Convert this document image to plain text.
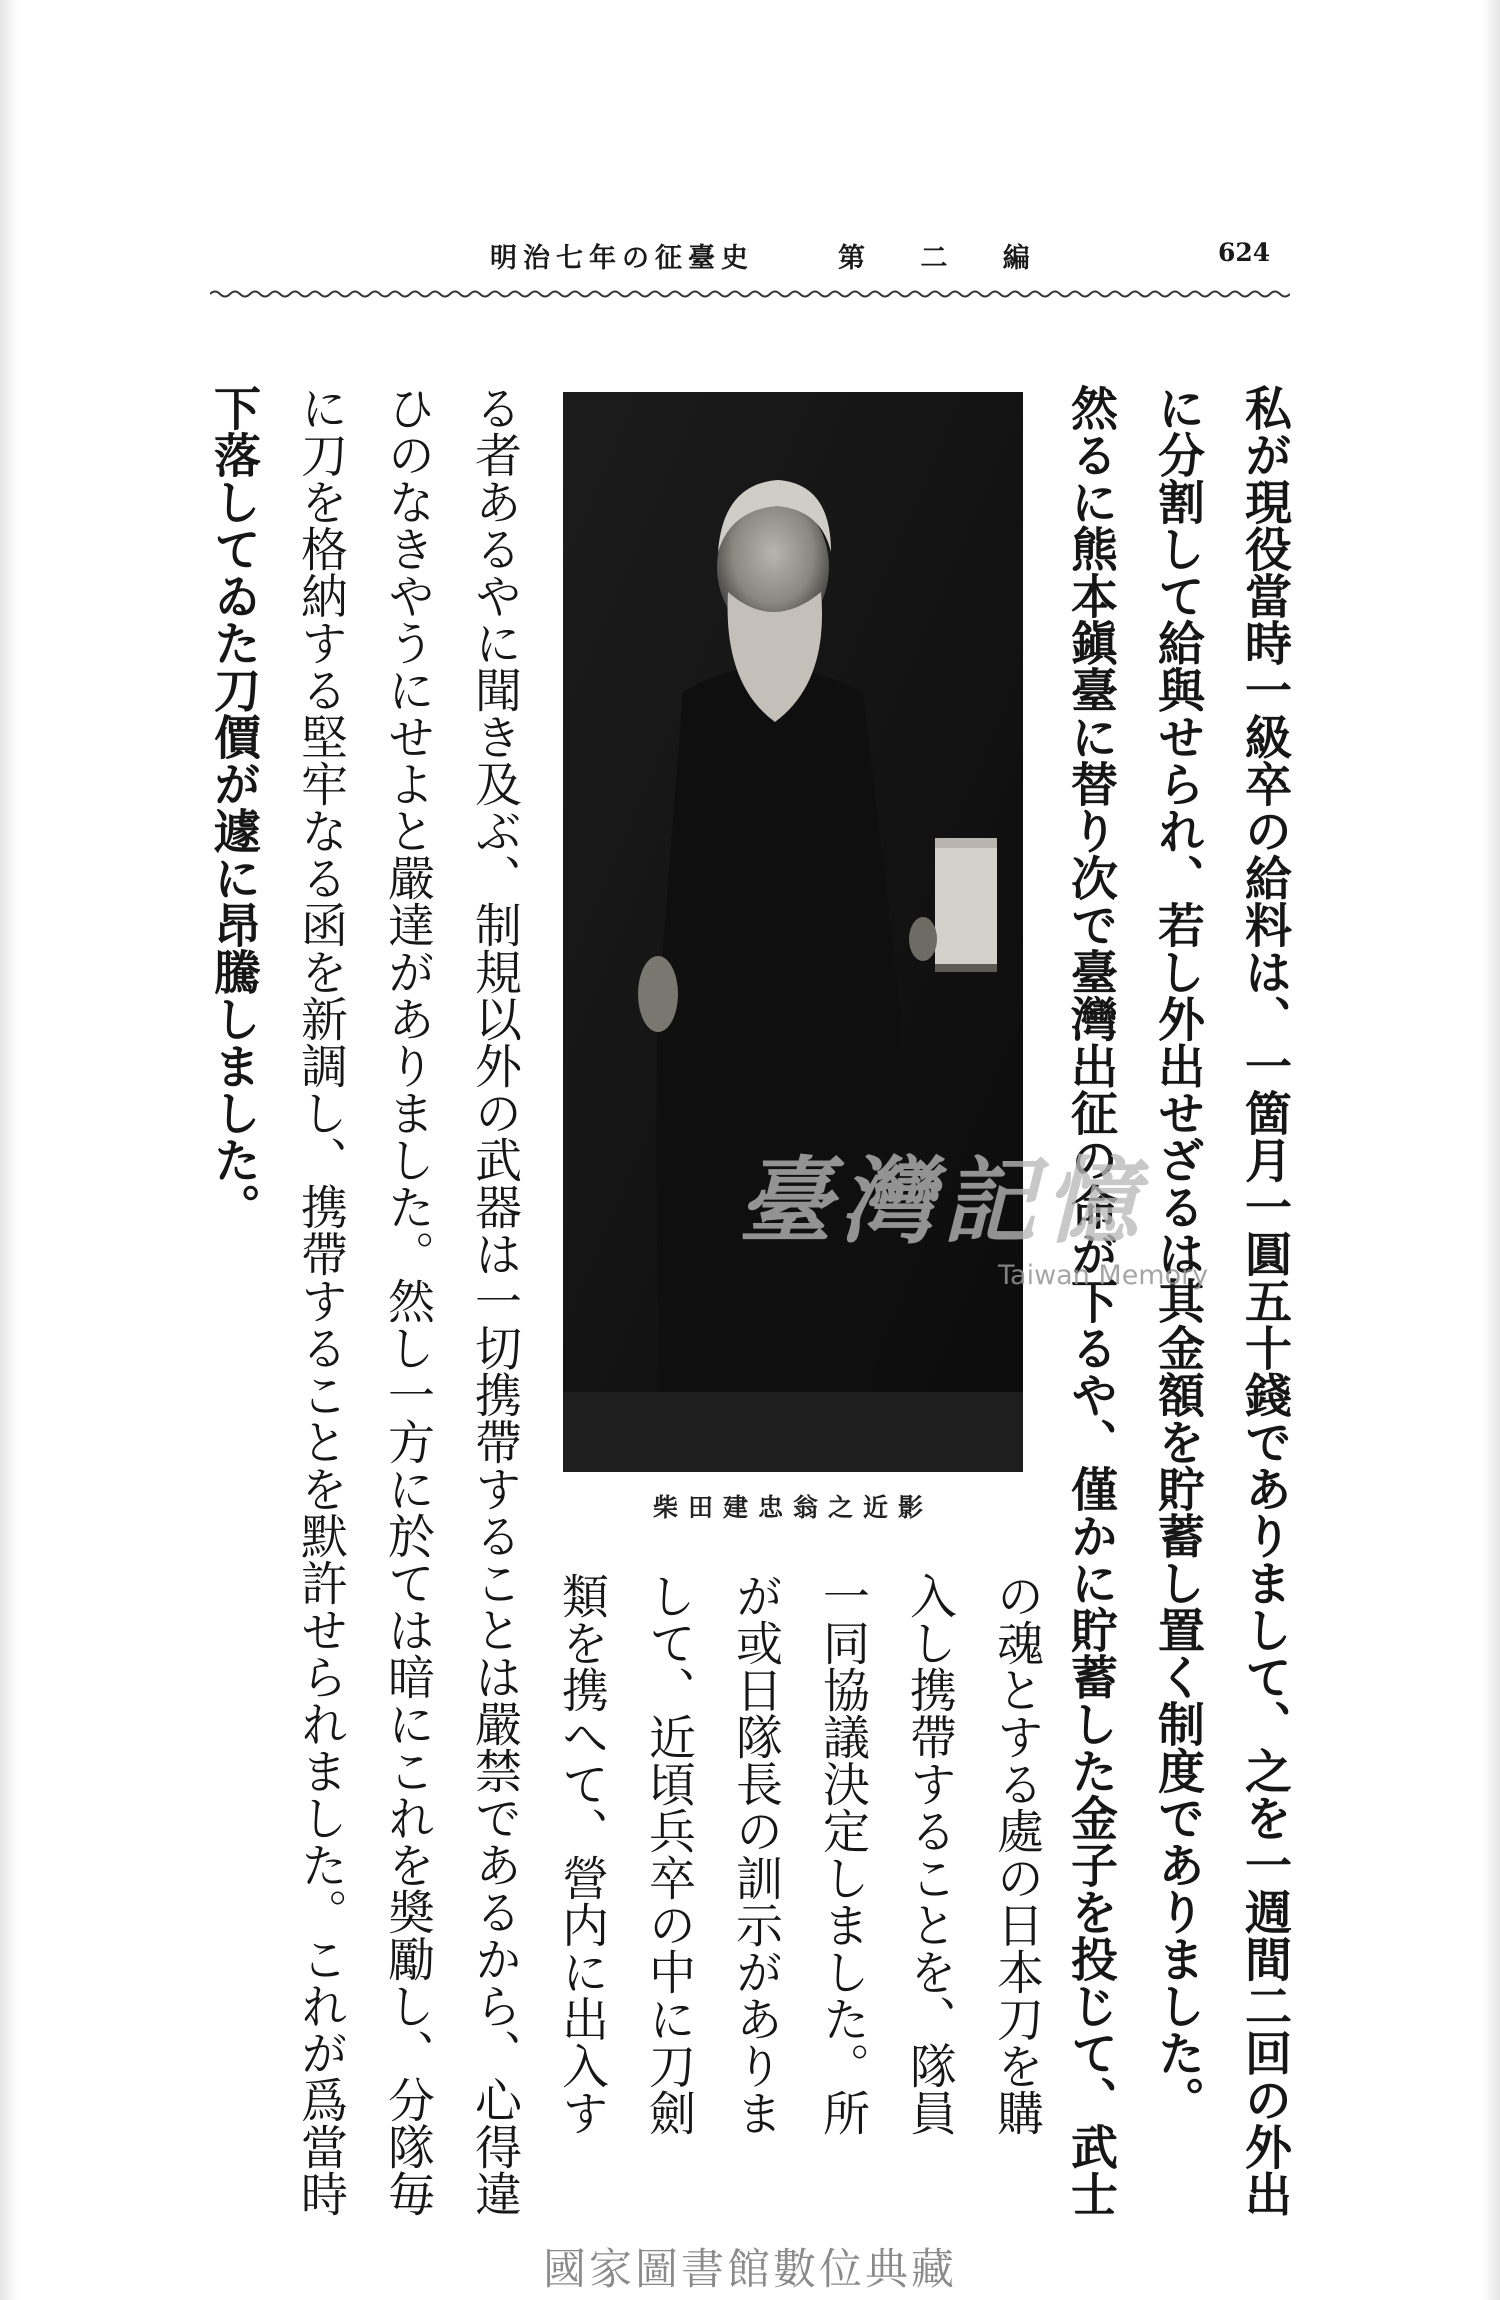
明治七年の征臺史	第 二 編	624
私が現役當時一級卒の給料は、一箇月一圓五十錢でありまして、之を一週間二回の外出
に分割して給與せられ、若し外出せざるは其金額を貯蓄し置く制度でありました。
然るに熊本鎭臺に替り次で臺灣出征の命が下るや、僅かに貯蓄した金子を投じて、武士
の魂とする處の日本刀を購
入し携帶することを、隊員
一同協議決定しました。所
が或日隊長の訓示がありま
して、近頃兵卒の中に刀劍
類を携へて、營内に出入す
る者あるやに聞き及ぶ、制規以外の武器は一切携帶することは嚴禁であるから、心得違
ひのなきやうにせよと嚴達がありました。然し一方に於ては暗にこれを奬勵し、分隊毎
に刀を格納する堅牢なる函を新調し、携帶することを默許せられました。これが爲當時
下落してゐた刀價が遽に昂騰しました。
柴田建忠翁之近影
臺灣記憶
Taiwan Memory
國家圖書館數位典藏
